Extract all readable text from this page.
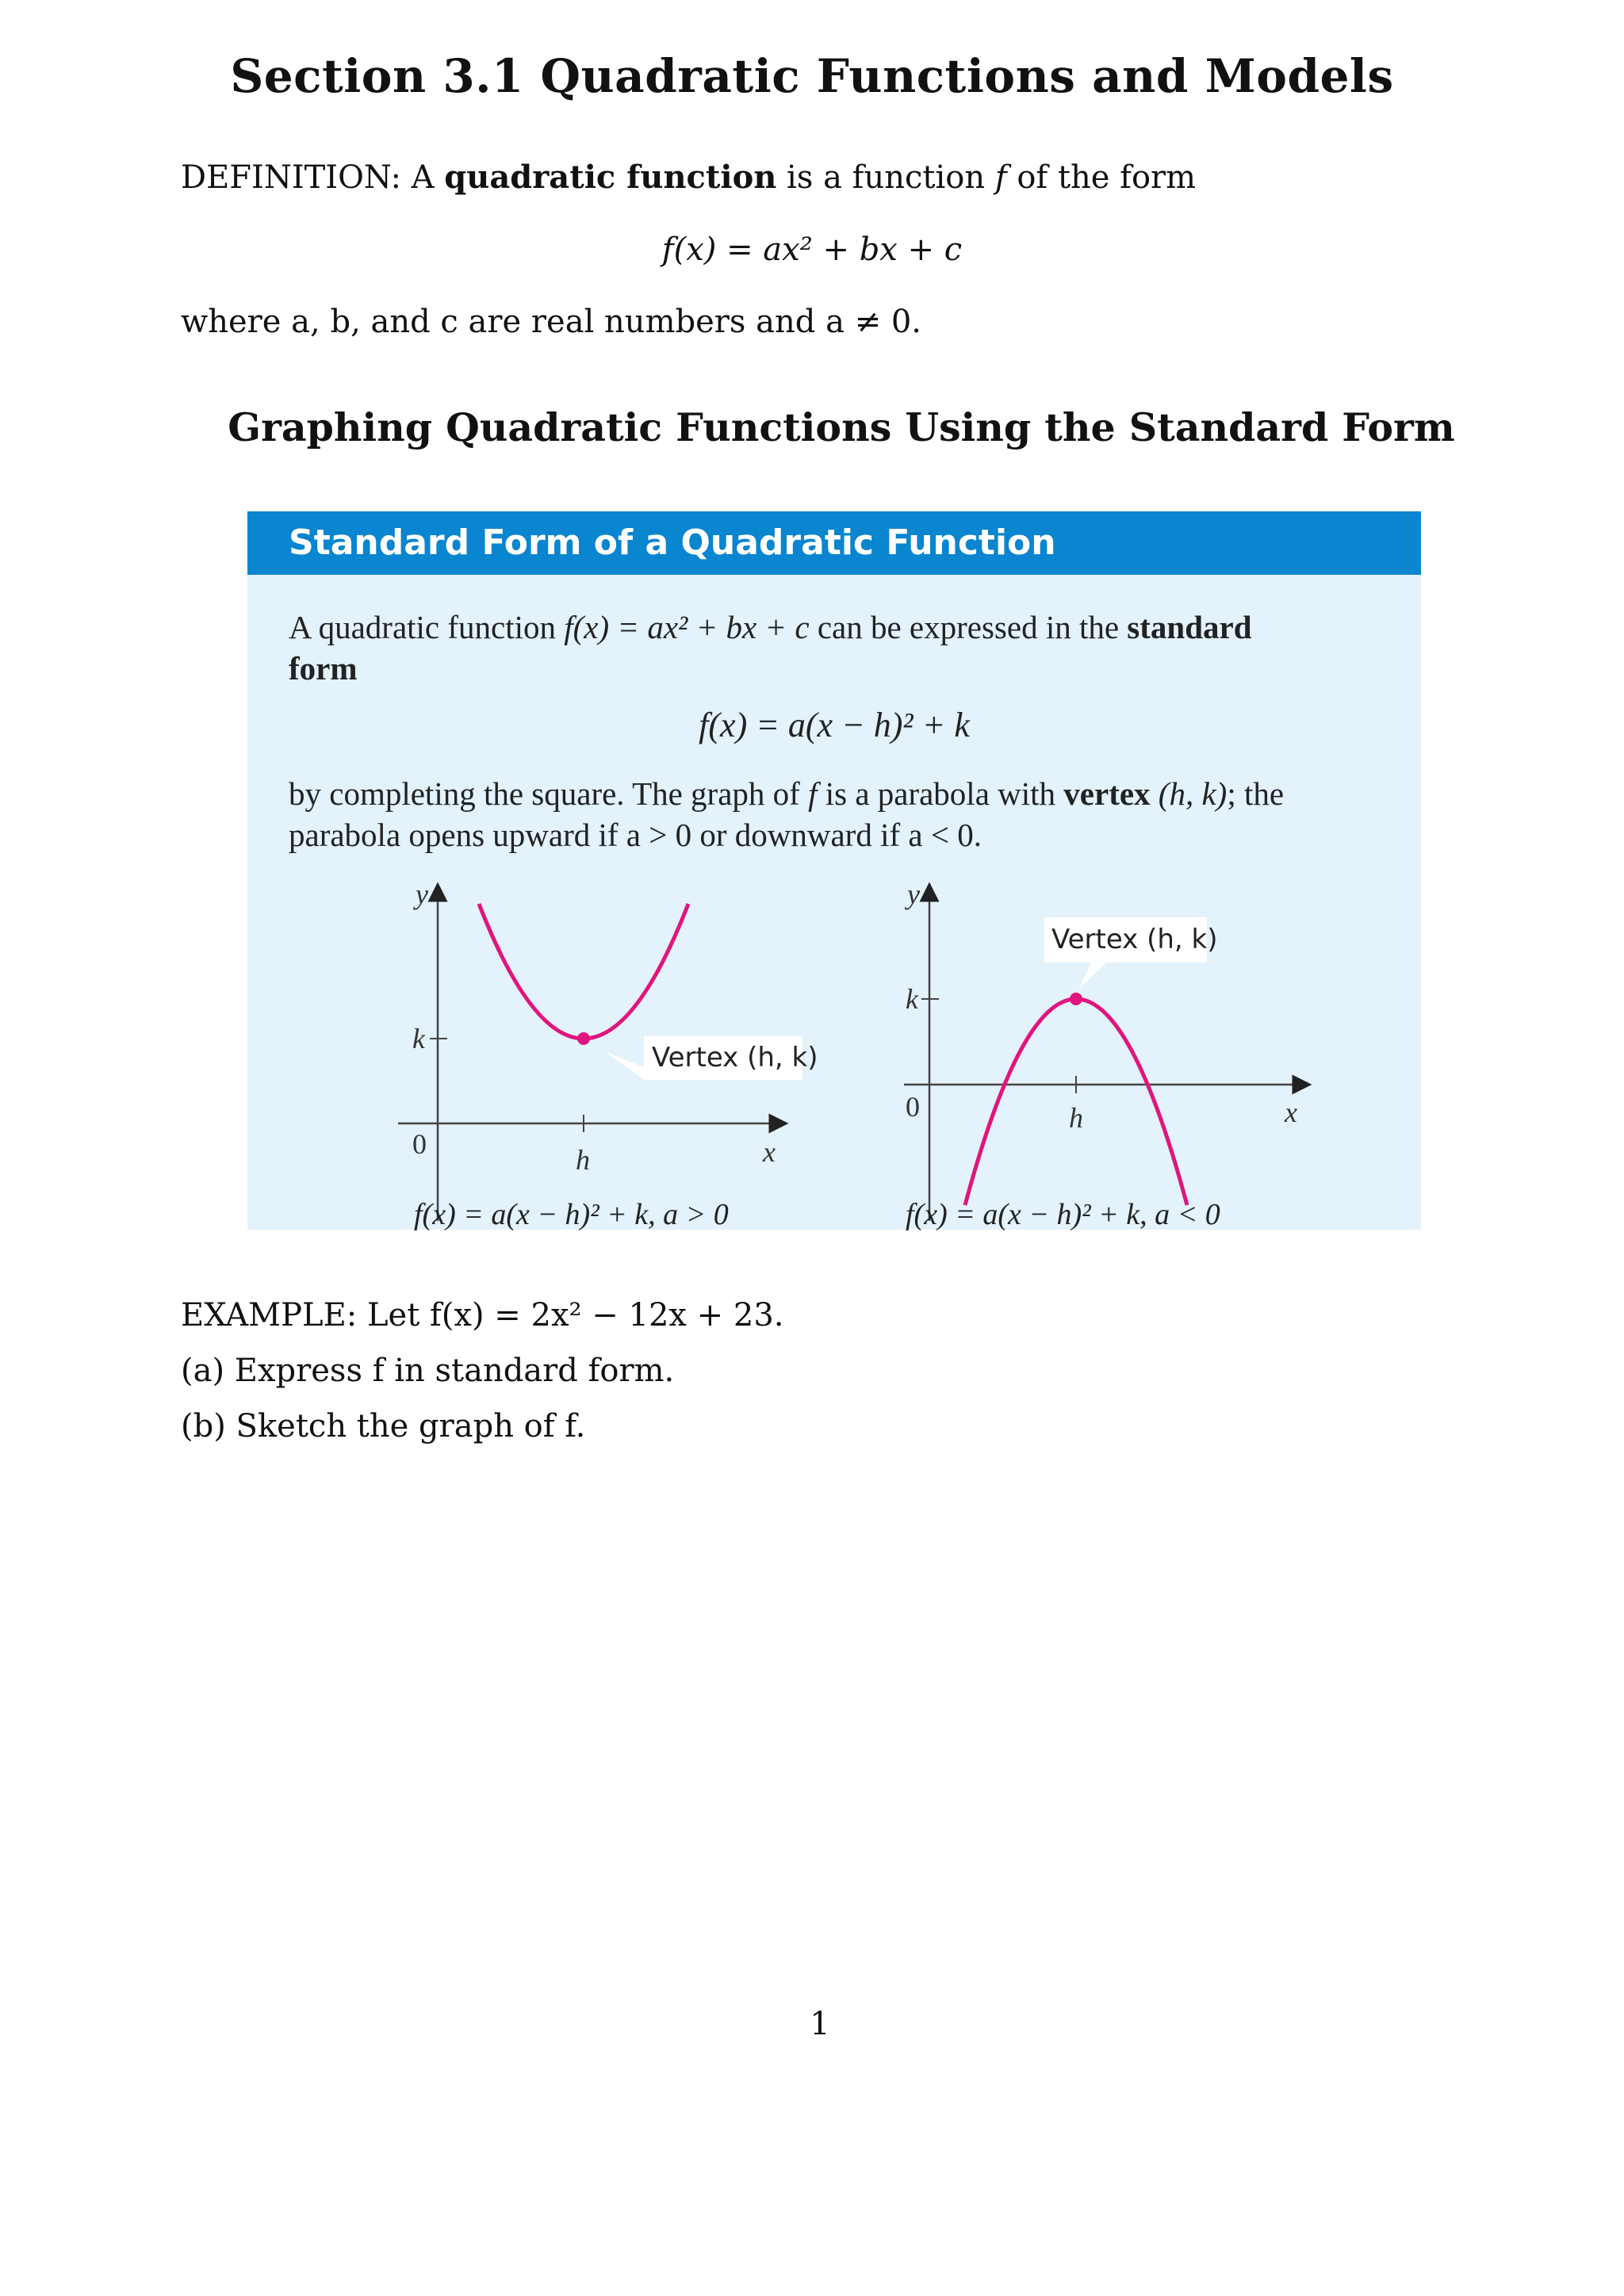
Section 3.1 Quadratic Functions and Models
DEFINITION: A quadratic function is a function f of the form
f(x) = ax² + bx + c
where a, b, and c are real numbers and a ≠ 0.
Graphing Quadratic Functions Using the Standard Form
Standard Form of a Quadratic Function
A quadratic function f(x) = ax² + bx + c can be expressed in the standard
form
f(x) = a(x − h)² + k
by completing the square. The graph of f is a parabola with vertex (h, k); the
parabola opens upward if a > 0 or downward if a < 0.
Vertex (h, k)
y
k
0	h	x
f(x) = a(x − h)² + k, a > 0
Vertex (h, k)
y
k
0	h	x
f(x) = a(x − h)² + k, a < 0
EXAMPLE: Let f(x) = 2x² − 12x + 23.
(a) Express f in standard form.
(b) Sketch the graph of f.
1
